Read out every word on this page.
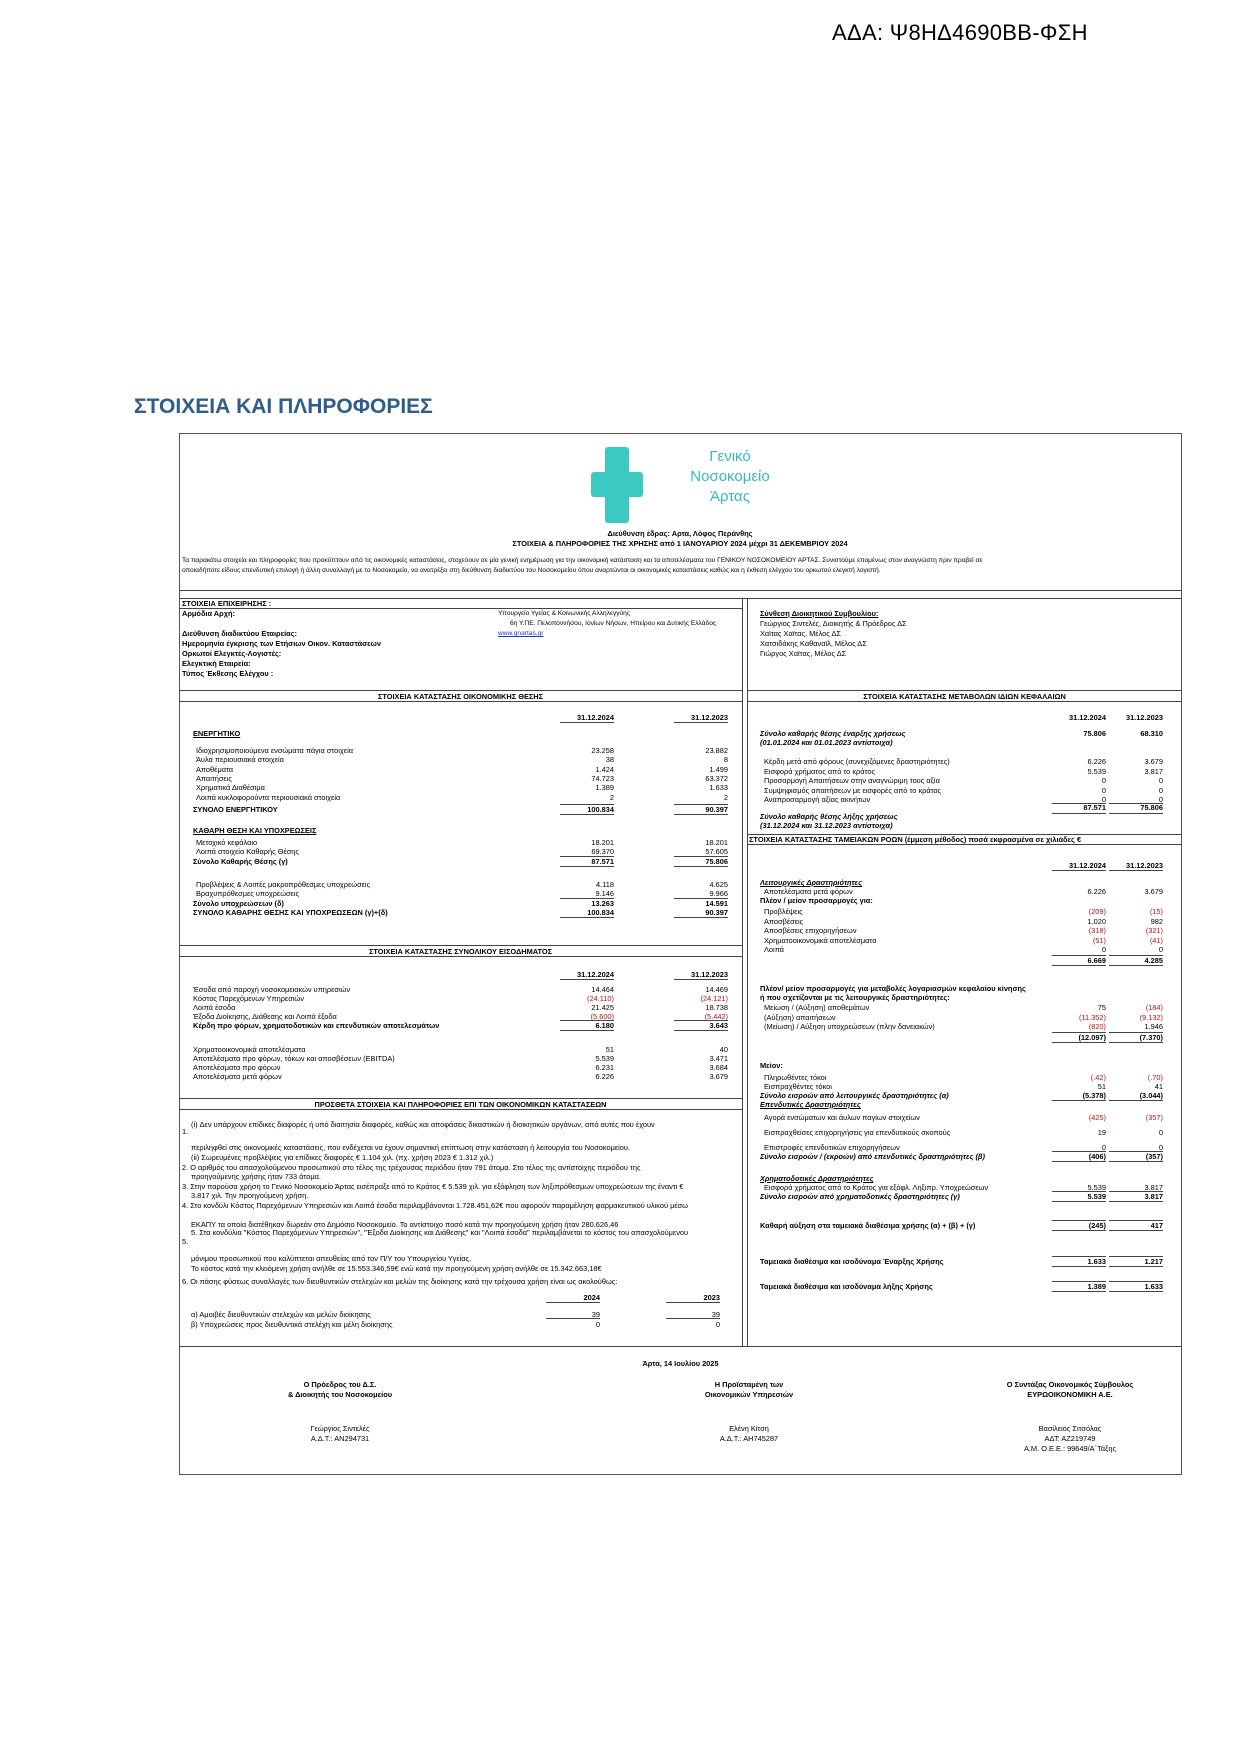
ΑΔΑ: Ψ8ΗΔ4690ΒΒ-ΦΣΗ
ΣΤΟΙΧΕΙΑ ΚΑΙ ΠΛΗΡΟΦΟΡΙΕΣ
Γενικό
Νοσοκομείο
Άρτας
Διεύθυνση έδρας: Αρτα, Λόφος Περάνθης
ΣΤΟΙΧΕΙΑ & ΠΛΗΡΟΦΟΡΙΕΣ ΤΗΣ ΧΡΗΣΗΣ από 1 ΙΑΝΟΥΑΡΙΟΥ 2024 μέχρι 31 ΔΕΚΕΜΒΡΙΟΥ 2024
Τα παρακάτω στοιχεία και πληροφορίες που προκύπτουν από τις οικονομικές καταστάσεις, στοχεύουν σε μία γενική ενημέρωση για την οικονομική κατάσταση και τα αποτελέσματα του ΓΕΝΙΚΟΥ ΝΟΣΟΚΟΜΕΙΟΥ ΑΡΤΑΣ. Συνιστούμε επομένως στον αναγνώστη πριν προβεί σε
οποιαδήποτε είδους επενδυτική επιλογή ή άλλη συναλλαγή με το Νοσοκομείο, να ανατρέξει στη διεύθυνση διαδικτύου του Νοσοκομείου όπου αναρτώνται οι οικονομικές καταστάσεις καθώς και η έκθεση ελέγχου του ορκωτού ελεγκτή λογιστή.
ΣΤΟΙΧΕΙΑ ΕΠΙΧΕΙΡΗΣΗΣ :
Αρμόδια Αρχή:	Υπουργείο Υγείας & Κοινωνικής Αλληλεγγύης
6η Υ.ΠΕ. Πελοποννήσου, Ιονίων Νήσων, Ηπείρου και Δυτικής Ελλάδος
Διεύθυνση διαδικτύου Εταιρείας:	www.gnartas.gr
Ημερομηνία έγκρισης των Ετήσιων Οικον. Καταστάσεων
Ορκωτοί Ελεγκτές-Λογιστές:
Ελεγκτική Εταιρεία:
Τύπος Έκθεσης Ελέγχου :
Σύνθεση Διοικητικού Συμβουλίου:
Γεώργιος Σιντελές, Διοικητής & Πρόεδρος ΔΣ
Χαϊτας Χαϊτας, Μέλος ΔΣ
Χατσιδάκης Καθαναϊλ, Μέλος ΔΣ
Γιώργος Χαϊτας, Μέλος ΔΣ
ΣΤΟΙΧΕΙΑ ΚΑΤΑΣΤΑΣΗΣ ΟΙΚΟΝΟΜΙΚΗΣ ΘΕΣΗΣ
31.12.2024	31.12.2023
ΕΝΕΡΓΗΤΙΚΟ
ΣΤΟΙΧΕΙΑ ΚΑΤΑΣΤΑΣΗΣ ΣΥΝΟΛΙΚΟΥ ΕΙΣΟΔΗΜΑΤΟΣ
31.12.2024	31.12.2023
ΠΡΟΣΘΕΤΑ ΣΤΟΙΧΕΙΑ ΚΑΙ ΠΛΗΡΟΦΟΡΙΕΣ ΕΠΙ ΤΩΝ ΟΙΚΟΝΟΜΙΚΩΝ ΚΑΤΑΣΤΑΣΕΩΝ
1.
(i) Δεν υπάρχουν επίδικες διαφορές ή υπό διαιτησία διαφορές, καθώς και αποφάσεις δικαστικών ή διοικητικών οργάνων, από αυτές που έχουν
περιληφθεί στις οικονομικές καταστάσεις, που ενδέχεται να έχουν σημαντική επίπτωση στην κατάσταση ή λειτουργία του Νοσοκομείου.
(ii) Σωρευμένες προβλέψεις για επίδικες διαφορές € 1.104 χιλ. (πχ. χρήση 2023 € 1.312 χιλ.)
2. Ο αριθμός του απασχολούμενου προσωπικού στο τέλος της τρέχουσας περιόδου ήταν 791 άτομα. Στο τέλος της αντίστοιχης περιόδου της
προηγούμενης χρήσης ήταν 733 άτομα.
3. Στην παρούσα χρήση το Γενικό Νοσοκομείο Άρτας εισέπραξε από το Κράτος € 5.539 χιλ. για εξόφληση των ληξιπρόθεσμων υποχρεώσεων της έναντι €
3.817 χιλ. Την προηγούμενη χρήση.
4. Στο κονδύλι Κόστος Παρεχόμενων Υπηρεσιών και Λοιπά έσοδα περιλαμβάνονται 1.728.451,62€ που αφορούν παραμέληση φαρμακευτικού υλικού μέσω
ΕΚΑΠΥ τα οποία διατέθηκαν δωρεάν στο Δημόσιο Νοσοκομείο. Το αντίστοιχο ποσό κατά την προηγούμενη χρήση ήταν 280.626,46
5.
5. Στα κονδύλια "Κόστος Παρεχόμενων Υπηρεσιών", "Έξοδα Διοίκησης και Διάθεσης" και "Λοιπά έσοδα" περιλαμβάνεται το κόστος του απασχολούμενου
μόνιμου προσωπικού που καλύπτεται απευθείας από τον Π/Υ του Υπουργείου Υγείας.
Το κόστος κατά την κλειόμενη χρήση ανήλθε σε 15.553.346,59€ ενώ κατά την προηγούμενη χρήση ανήλθε σε 15.342.663,18€
6. Οι πάσης φύσεως συναλλαγές των διευθυντικών στελεχών και μελών της διοίκησης κατά την τρέχουσα χρήση είναι ως ακολούθως:
2024	2023
ΣΤΟΙΧΕΙΑ ΚΑΤΑΣΤΑΣΗΣ ΜΕΤΑΒΟΛΩΝ ΙΔΙΩΝ ΚΕΦΑΛΑΙΩΝ
31.12.2024	31.12.2023
Σύνολο καθαρής θέσης έναρξης χρήσεως
(01.01.2024 και 01.01.2023 αντίστοιχα)
75.806	68.310
Σύνολο καθαρής θέσης λήξης χρήσεως
(31.12.2024 και 31.12.2023 αντίστοιχα)
87.571	75.806
ΣΤΟΙΧΕΙΑ ΚΑΤΑΣΤΑΣΗΣ ΤΑΜΕΙΑΚΩΝ ΡΟΩΝ (έμμεση μέθοδος) ποσά εκφρασμένα σε χιλιάδες €
31.12.2024	31.12.2023
Άρτα, 14 Ιουλίου 2025
Ο Πρόεδρος του Δ.Σ.
& Διοικητής του Νοσοκομείου
Γεώργιος Σιντελές
Α.Δ.Τ.: ΑΝ294731
Η Προϊσταμένη των
Οικονομικών Υπηρεσιών
Ελένη Κίτση
Α.Δ.Τ.: ΑΗ745287
Ο Συντάξας Οικονομικός Σύμβουλος
ΕΥΡΩΟΙΚΟΝΟΜΙΚΗ Α.Ε.
Βασίλειος Σιτσόλας
ΑΔΤ: ΑΖ219749
Α.Μ. Ο.Ε.Ε.: 99649/Α΄Τάξης
Ιδιοχρησιμοποιούμενα ενσώματα πάγια στοιχεία	23.258	23.882
Άυλα περιουσιακά στοιχεία	38	8
Αποθέματα	1.424	1.499
Απαιτήσεις	74.723	63.372
Χρηματικά Διαθέσιμα	1.389	1.633
Λοιπά κυκλοφορούντα περιουσιακά στοιχεία	2	2
ΣΥΝΟΛΟ ΕΝΕΡΓΗΤΙΚΟΥ	100.834	90.397
ΚΑΘΑΡΗ ΘΕΣΗ ΚΑΙ ΥΠΟΧΡΕΩΣΕΙΣ
Μετοχικό κεφάλαιο	18.201	18.201
Λοιπά στοιχεία Καθαρής Θέσης	69.370	57.605
Σύνολο Καθαρής Θέσης (γ)	87.571	75.806
Προβλέψεις & Λοιπές μακροπρόθεσμες υποχρεώσεις	4.118	4.625
Βραχυπρόθεσμες υποχρεώσεις	9.146	9.966
Σύνολο υποχρεώσεων (δ)	13.263	14.591
ΣΥΝΟΛΟ ΚΑΘΑΡΗΣ ΘΕΣΗΣ ΚΑΙ ΥΠΟΧΡΕΩΣΕΩΝ (γ)+(δ)	100.834	90.397
Έσοδα από παροχή νοσοκομειακών υπηρεσιών	14.464	14.469
Κόστος Παρεχόμενων Υπηρεσιών	(24.110)	(24.121)
Λοιπά έσοδα	21.425	18.738
Έξοδα Διοίκησης, Διάθεσης και Λοιπά έξοδα	(5.600)	(5.442)
Κέρδη προ φόρων, χρηματοδοτικών και επενδυτικών αποτελεσμάτων	6.180	3.643
Χρηματοοικονομικά αποτελέσματα	51	40
Αποτελέσματα προ φόρων, τόκων και αποσβέσεων (EBITDA)	5.539	3.471
Αποτελέσματα προ φόρων	6.231	3.684
Αποτελέσματα μετά φόρων	6.226	3.679
α) Αμοιβές διευθυντικών στελεχών και μελών διοίκησης	39	39
β) Υποχρεώσεις προς διευθυντικά στελέχη και μέλη διοίκησης	0	0
Κέρδη μετά από φόρους (συνεχιζόμενες δραστηριότητες)	6.226	3.679
Εισφορά χρήματος από το κράτος	5.539	3.817
Προσαρμογή Απαιτήσεων στην αναγνώριμη τους αξία	0	0
Συμψηφισμός απαιτήσεων με εισφορές από το κράτος	0	0
Αναπροσαρμογή αξίας ακινήτων	0	0
Λειτουργικές Δραστηριότητες
Αποτελέσματα μετά φόρων	6.226	3.679
Πλέον / μείον προσαρμογές για:
Προβλέψεις	(209)	(15)
Αποσβέσεις	1.020	982
Αποσβέσεις επιχορηγήσεων	(318)	(321)
Χρηματοοικονομικά αποτελέσματα	(51)	(41)
Λοιπά	0	0
6.669	4.285
Πλέον/ μείον προσαρμογές για μεταβολές λογαριασμών κεφαλαίου κίνησης
ή που σχετίζονται με τις λειτουργικές δραστηριότητες:
Μείωση / (Αύξηση) αποθεμάτων	75	(184)
(Αύξηση) απαιτήσεων	(11.352)	(9.132)
(Μείωση) / Αύξηση υποχρεώσεων (πλην δανειακών)	(820)	1.946
(12.097)	(7.370)
Μείον:
Πληρωθέντες τόκοι	(.42)	(.70)
Εισπραχθέντες τόκοι	51	41
Σύνολο εισροών από λειτουργικές δραστηριότητες (α)	(5.378)	(3.044)
Επενδυτικές Δραστηριότητες
Αγορά ενσώματων και άυλων παγίων στοιχείων	(425)	(357)
Εισπραχθείσες επιχορηγήσεις για επενδυτικούς σκοπούς	19	0
Επιστροφές επενδυτικών επιχορηγήσεων	0	0
Σύνολο εισροών / (εκροών) από επενδυτικές δραστηριότητες (β)	(406)	(357)
Χρηματοδοτικές Δραστηριότητες
Εισφορά χρήματος από το Κράτος για εξόφλ. Ληξιπρ. Υποχρεώσεων	5.539	3.817
Σύνολο εισροών από χρηματοδοτικές δραστηριότητες (γ)	5.539	3.817
Καθαρή αύξηση στα ταμειακά διαθέσιμα χρήσης (α) + (β) + (γ)	(245)	417
Ταμειακά διαθέσιμα και ισοδύναμα Έναρξης Χρήσης	1.633	1.217
Ταμειακά διαθέσιμα και ισοδύναμα λήξης Χρήσης	1.389	1.633
